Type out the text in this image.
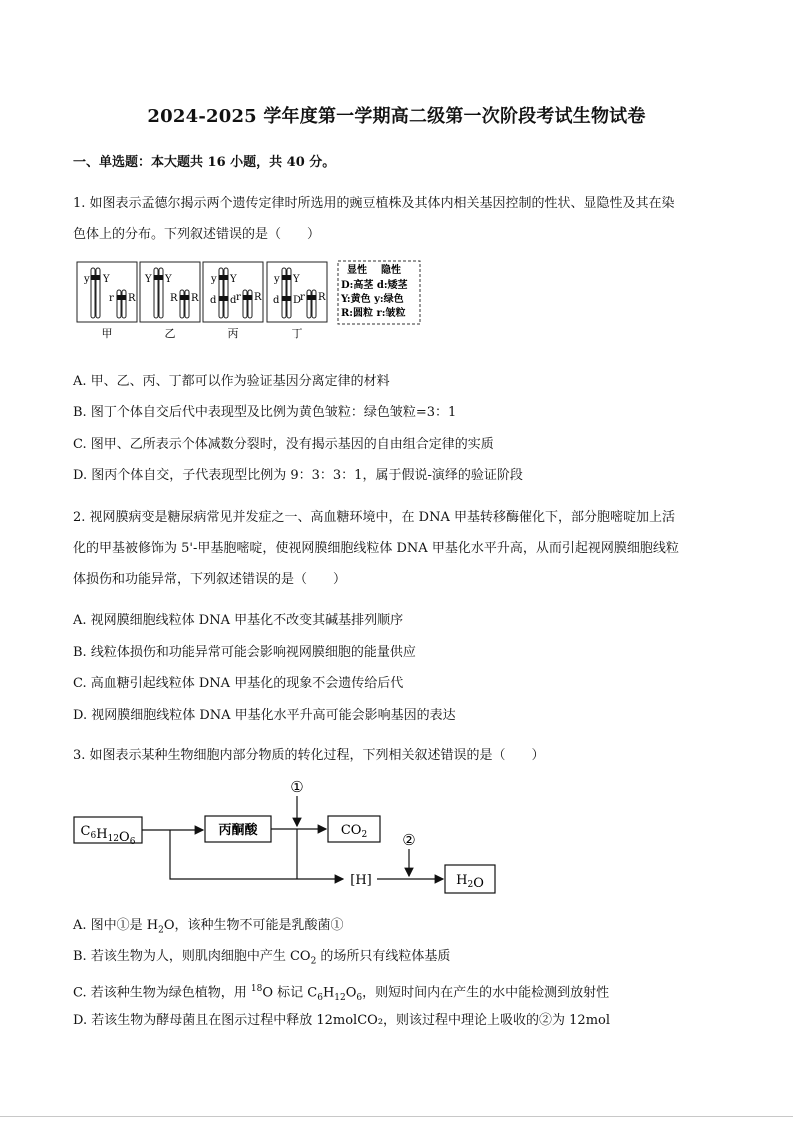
2024-2025 学年度第一学期高二级第一次阶段考试生物试卷
一、单选题：本大题共 16 小题，共 40 分。
1. 如图表示孟德尔揭示两个遗传定律时所选用的豌豆植株及其体内相关基因控制的性状、显隐性及其在染
色体上的分布。下列叙述错误的是（　　）
y Y
r R
甲
Y Y
R R
乙
y Y
d d r R
丙
y Y
d D
r R
丁
显性 隐性
D:高茎 d:矮茎
Y:黄色 y:绿色
R:圆粒 r:皱粒
A. 甲、乙、丙、丁都可以作为验证基因分离定律的材料
B. 图丁个体自交后代中表现型及比例为黄色皱粒：绿色皱粒=3：1
C. 图甲、乙所表示个体减数分裂时，没有揭示基因的自由组合定律的实质
D. 图丙个体自交，子代表现型比例为 9：3：3：1，属于假说-演绎的验证阶段
2. 视网膜病变是糖尿病常见并发症之一、高血糖环境中，在 DNA 甲基转移酶催化下，部分胞嘧啶加上活
化的甲基被修饰为 5'-甲基胞嘧啶，使视网膜细胞线粒体 DNA 甲基化水平升高，从而引起视网膜细胞线粒
体损伤和功能异常，下列叙述错误的是（　　）
A. 视网膜细胞线粒体 DNA 甲基化不改变其碱基排列顺序
B. 线粒体损伤和功能异常可能会影响视网膜细胞的能量供应
C. 高血糖引起线粒体 DNA 甲基化的现象不会遗传给后代
D. 视网膜细胞线粒体 DNA 甲基化水平升高可能会影响基因的表达
3. 如图表示某种生物细胞内部分物质的转化过程，下列相关叙述错误的是（　　）
$C_6H_{12}O_6$
丙酮酸	$CO_2$
$H_2O$
[H]
①
②
A. 图中①是 $H_2O$，该种生物不可能是乳酸菌①
B. 若该生物为人，则肌肉细胞中产生 $CO_2$ 的场所只有线粒体基质
C. 若该种生物为绿色植物，用 $^{18}$O 标记 $C_6H_{12}O_6$，则短时间内在产生的水中能检测到放射性
D. 若该生物为酵母菌且在图示过程中释放 12molCO₂，则该过程中理论上吸收的②为 12mol
